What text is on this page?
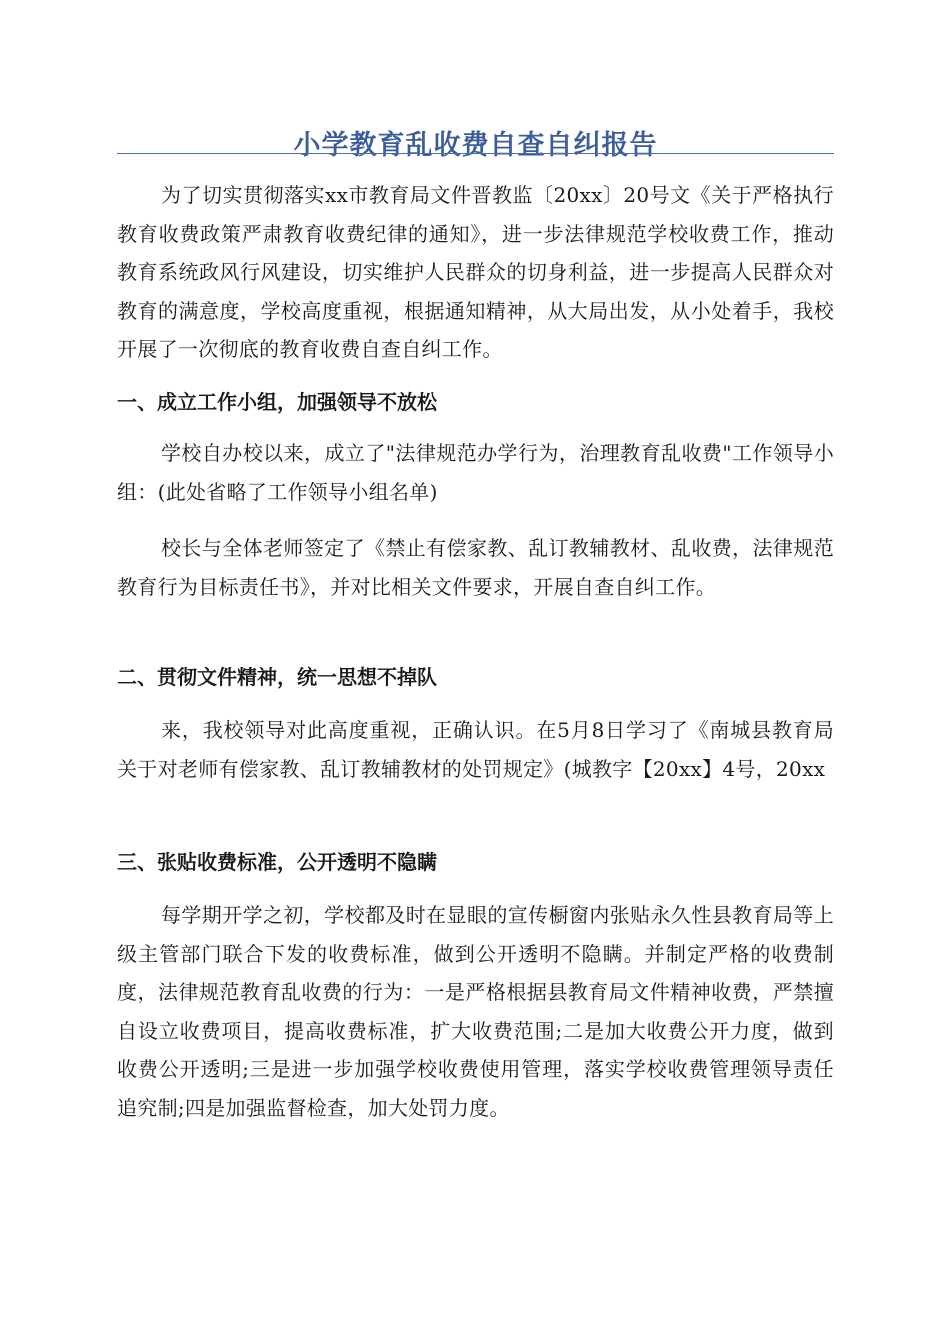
小学教育乱收费自查自纠报告

为了切实贯彻落实xx市教育局文件晋教监〔20xx〕20号文《关于严格执行教育收费政策严肃教育收费纪律的通知》，进一步法律规范学校收费工作，推动教育系统政风行风建设，切实维护人民群众的切身利益，进一步提高人民群众对教育的满意度，学校高度重视，根据通知精神，从大局出发，从小处着手，我校开展了一次彻底的教育收费自查自纠工作。

一、成立工作小组，加强领导不放松

学校自办校以来，成立了"法律规范办学行为，治理教育乱收费"工作领导小组：(此处省略了工作领导小组名单)

校长与全体老师签定了《禁止有偿家教、乱订教辅教材、乱收费，法律规范教育行为目标责任书》，并对比相关文件要求，开展自查自纠工作。

二、贯彻文件精神，统一思想不掉队

来，我校领导对此高度重视，正确认识。在5月8日学习了《南城县教育局关于对老师有偿家教、乱订教辅教材的处罚规定》(城教字【20xx】4号，20xx

三、张贴收费标准，公开透明不隐瞒

每学期开学之初，学校都及时在显眼的宣传橱窗内张贴永久性县教育局等上级主管部门联合下发的收费标准，做到公开透明不隐瞒。并制定严格的收费制度，法律规范教育乱收费的行为：一是严格根据县教育局文件精神收费，严禁擅自设立收费项目，提高收费标准，扩大收费范围;二是加大收费公开力度，做到收费公开透明;三是进一步加强学校收费使用管理，落实学校收费管理领导责任追究制;四是加强监督检查，加大处罚力度。
